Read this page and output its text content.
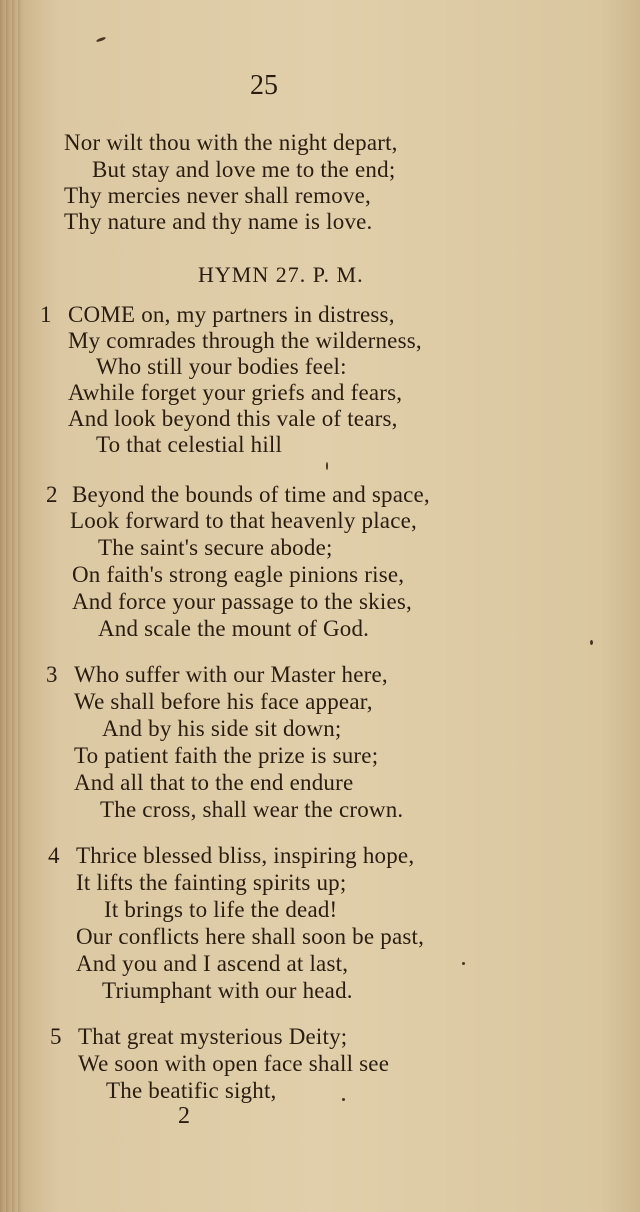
25
Nor wilt thou with the night depart,
But stay and love me to the end;
Thy mercies never shall remove,
Thy nature and thy name is love.
HYMN 27. P. M.
1 COME on, my partners in distress,
My comrades through the wilderness,
Who still your bodies feel:
Awhile forget your griefs and fears,
And look beyond this vale of tears,
To that celestial hill
2 Beyond the bounds of time and space,
Look forward to that heavenly place,
The saint's secure abode;
On faith's strong eagle pinions rise,
And force your passage to the skies,
And scale the mount of God.
3 Who suffer with our Master here,
We shall before his face appear,
And by his side sit down;
To patient faith the prize is sure;
And all that to the end endure
The cross, shall wear the crown.
4 Thrice blessed bliss, inspiring hope,
It lifts the fainting spirits up;
It brings to life the dead!
Our conflicts here shall soon be past,
And you and I ascend at last,
Triumphant with our head.
5 That great mysterious Deity;
We soon with open face shall see
The beatific sight,
2
